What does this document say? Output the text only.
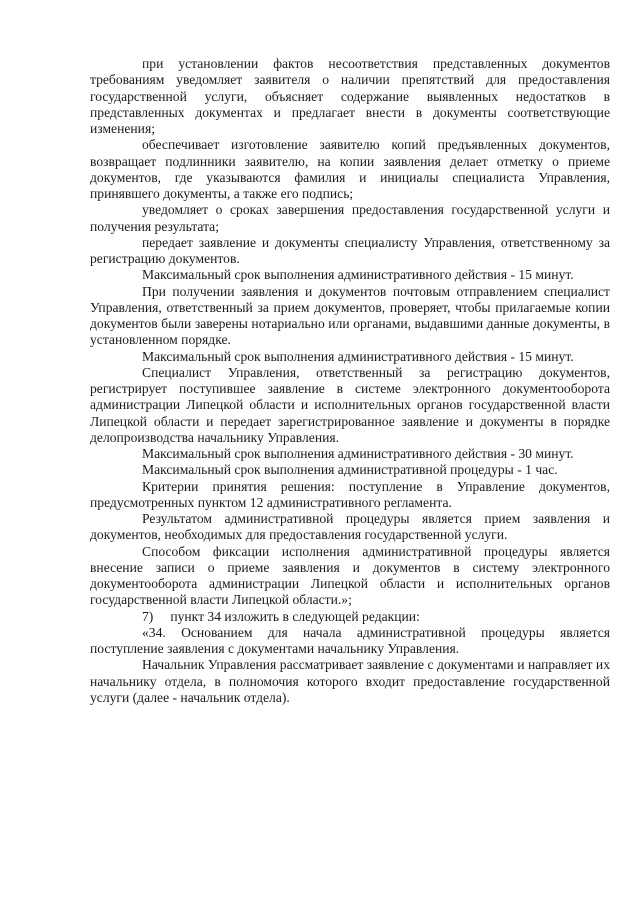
при установлении фактов несоответствия представленных документов требованиям уведомляет заявителя о наличии препятствий для предоставления государственной услуги, объясняет содержание выявленных недостатков в представленных документах и предлагает внести в документы соответствующие изменения;

обеспечивает изготовление заявителю копий предъявленных документов, возвращает подлинники заявителю, на копии заявления делает отметку о приеме документов, где указываются фамилия и инициалы специалиста Управления, принявшего документы, а также его подпись;

уведомляет о сроках завершения предоставления государственной услуги и получения результата;

передает заявление и документы специалисту Управления, ответственному за регистрацию документов.

Максимальный срок выполнения административного действия - 15 минут.

При получении заявления и документов почтовым отправлением специалист Управления, ответственный за прием документов, проверяет, чтобы прилагаемые копии документов были заверены нотариально или органами, выдавшими данные документы, в установленном порядке.

Максимальный срок выполнения административного действия - 15 минут.

Специалист Управления, ответственный за регистрацию документов, регистрирует поступившее заявление в системе электронного документооборота администрации Липецкой области и исполнительных органов государственной власти Липецкой области и передает зарегистрированное заявление и документы в порядке делопроизводства начальнику Управления.

Максимальный срок выполнения административного действия - 30 минут.

Максимальный срок выполнения административной процедуры - 1 час.

Критерии принятия решения: поступление в Управление документов, предусмотренных пунктом 12 административного регламента.

Результатом административной процедуры является прием заявления и документов, необходимых для предоставления государственной услуги.

Способом фиксации исполнения административной процедуры является внесение записи о приеме заявления и документов в систему электронного документооборота администрации Липецкой области и исполнительных органов государственной власти Липецкой области.»;

7)     пункт 34 изложить в следующей редакции:

«34. Основанием для начала административной процедуры является поступление заявления с документами начальнику Управления.

Начальник Управления рассматривает заявление с документами и направляет их начальнику отдела, в полномочия которого входит предоставление государственной услуги (далее - начальник отдела).
